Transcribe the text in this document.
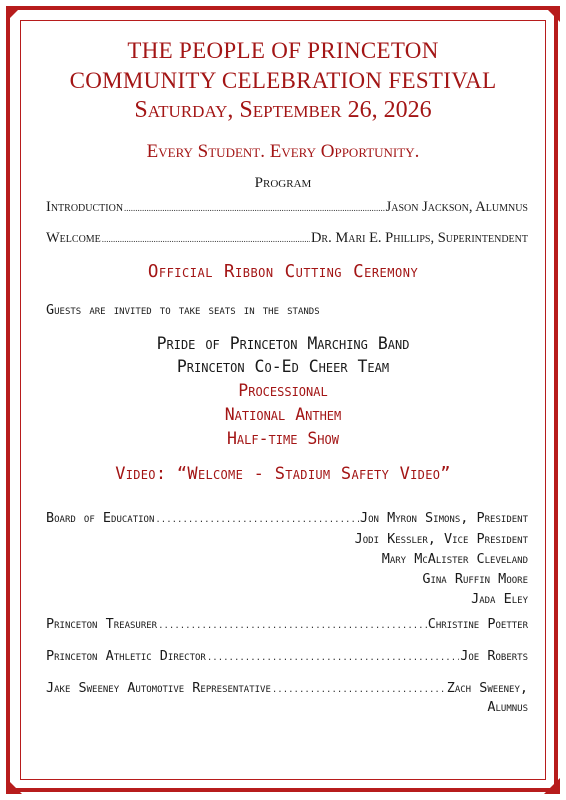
THE PEOPLE OF PRINCETON
COMMUNITY CELEBRATION FESTIVAL
Saturday, September 26, 2026
Every Student. Every Opportunity.
Program
Introduction .....	Jason Jackson, Alumnus
Welcome .....	Dr. Mari E. Phillips, Superintendent
Official Ribbon Cutting Ceremony
Guests are invited to take seats in the stands
Pride of Princeton Marching Band
Princeton Co-Ed Cheer Team
Processional
National Anthem
Half-time Show
Video: “Welcome - Stadium Safety Video”
Board of Education .....	Jon Myron Simons, President
Jodi Kessler, Vice President
Mary McAlister Cleveland
Gina Ruffin Moore
Jada Eley
Princeton Treasurer .....	Christine Poetter
Princeton Athletic Director .....	Joe Roberts
Jake Sweeney Automotive Representative .....	Zach Sweeney,
Alumnus
